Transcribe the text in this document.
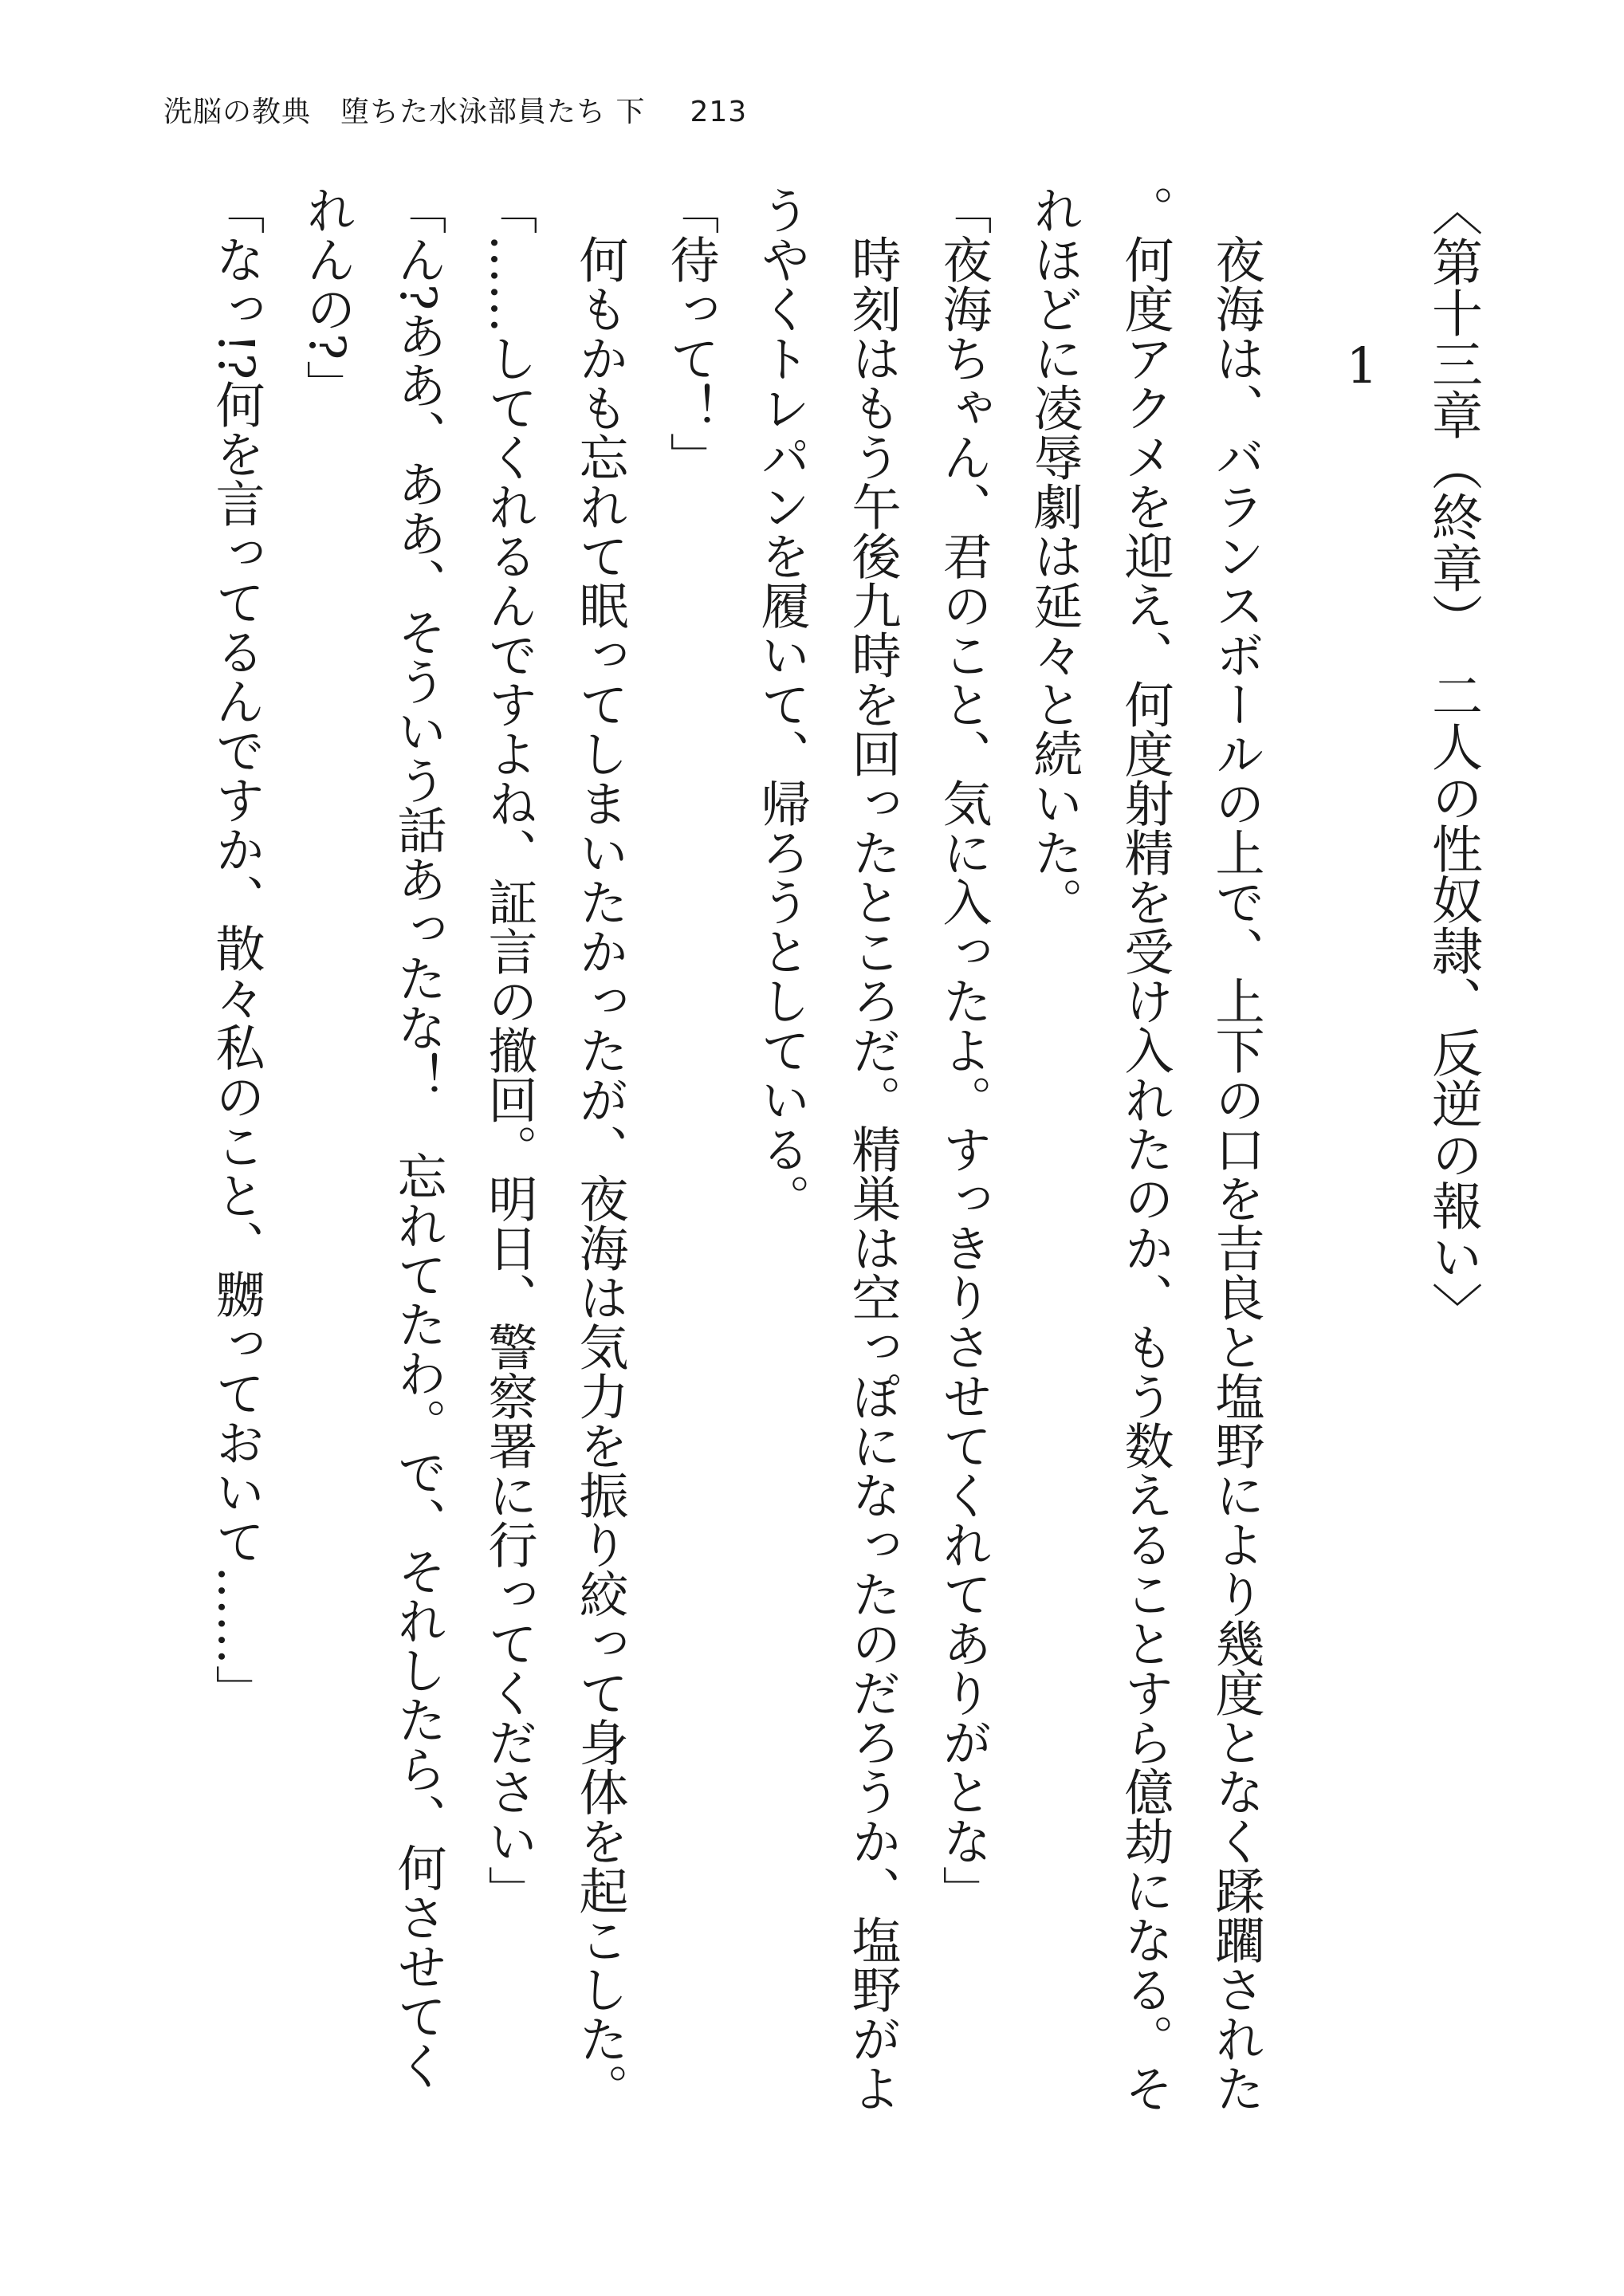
洗脳の教典　堕ちた水泳部員たち 下 213

〈第十三章（終章）　二人の性奴隷、反逆の報い〉

1

夜海は、バランスボールの上で、上下の口を吉良と塩野により幾度となく蹂躙された。何度アクメを迎え、何度射精を受け入れたのか、もう数えることすら億劫になる。それほどに凌辱劇は延々と続いた。

「夜海ちゃん、君のこと、気に入ったよ。すっきりさせてくれてありがとな」

時刻はもう午後九時を回ったところだ。精巣は空っぽになったのだろうか、塩野がようやくトレパンを履いて、帰ろうとしている。

「待って！」

何もかも忘れて眠ってしまいたかったが、夜海は気力を振り絞って身体を起こした。

「……してくれるんですよね、証言の撤回。明日、警察署に行ってください」

「ん?ああ、ああ、そういう話あったな！　忘れてたわ。で、それしたら、何させてくれんの?」

「なっ!?何を言ってるんですか、散々私のこと、嬲っておいて……」
